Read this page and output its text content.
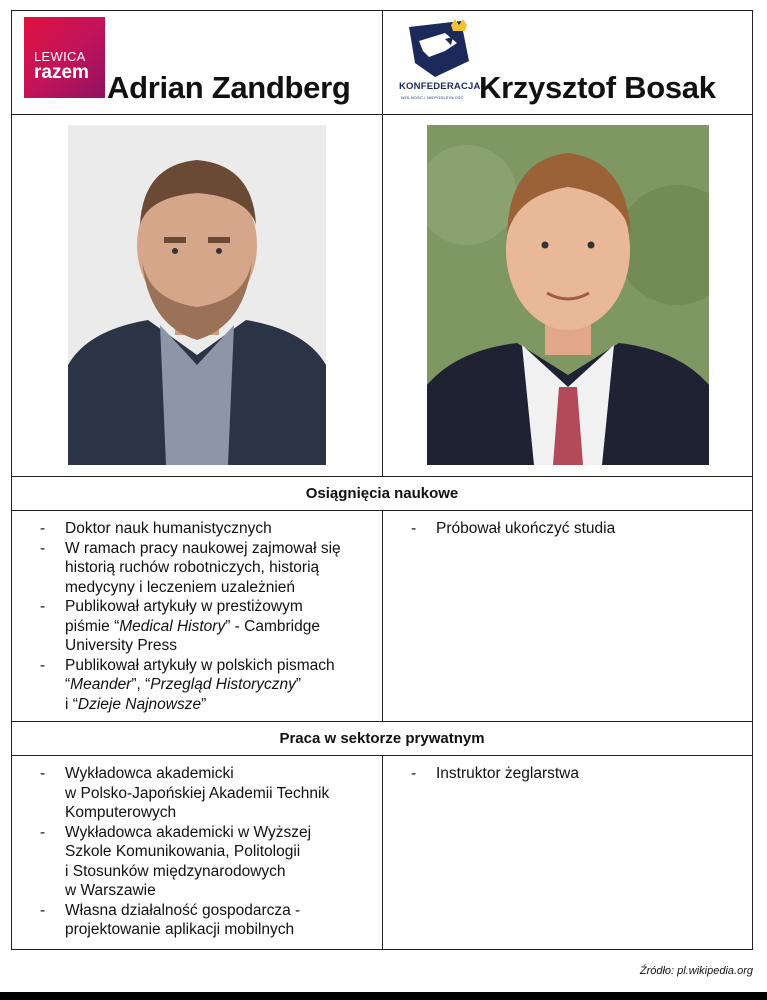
LEWICA
razem Adrian Zandberg	KONFEDERACJA
WOLNOŚĆ I NIEPODLEGŁOŚĆ Krzysztof Bosak
Osiągnięcia naukowe
- Doktor nauk humanistycznych
- W ramach pracy naukowej zajmował się
historią ruchów robotniczych, historią
medycyny i leczeniem uzależnień
- Publikował artykuły w prestiżowym
piśmie “Medical History” - Cambridge
University Press
- Publikował artykuły w polskich pismach
“Meander”, “Przegląd Historyczny”
i “Dzieje Najnowsze”
- Próbował ukończyć studia
Praca w sektorze prywatnym
- Wykładowca akademicki
w Polsko-Japońskiej Akademii Technik
Komputerowych
- Wykładowca akademicki w Wyższej
Szkole Komunikowania, Politologii
i Stosunków międzynarodowych
w Warszawie
- Własna działalność gospodarcza -
projektowanie aplikacji mobilnych
- Instruktor żeglarstwa
Źródło: pl.wikipedia.org
